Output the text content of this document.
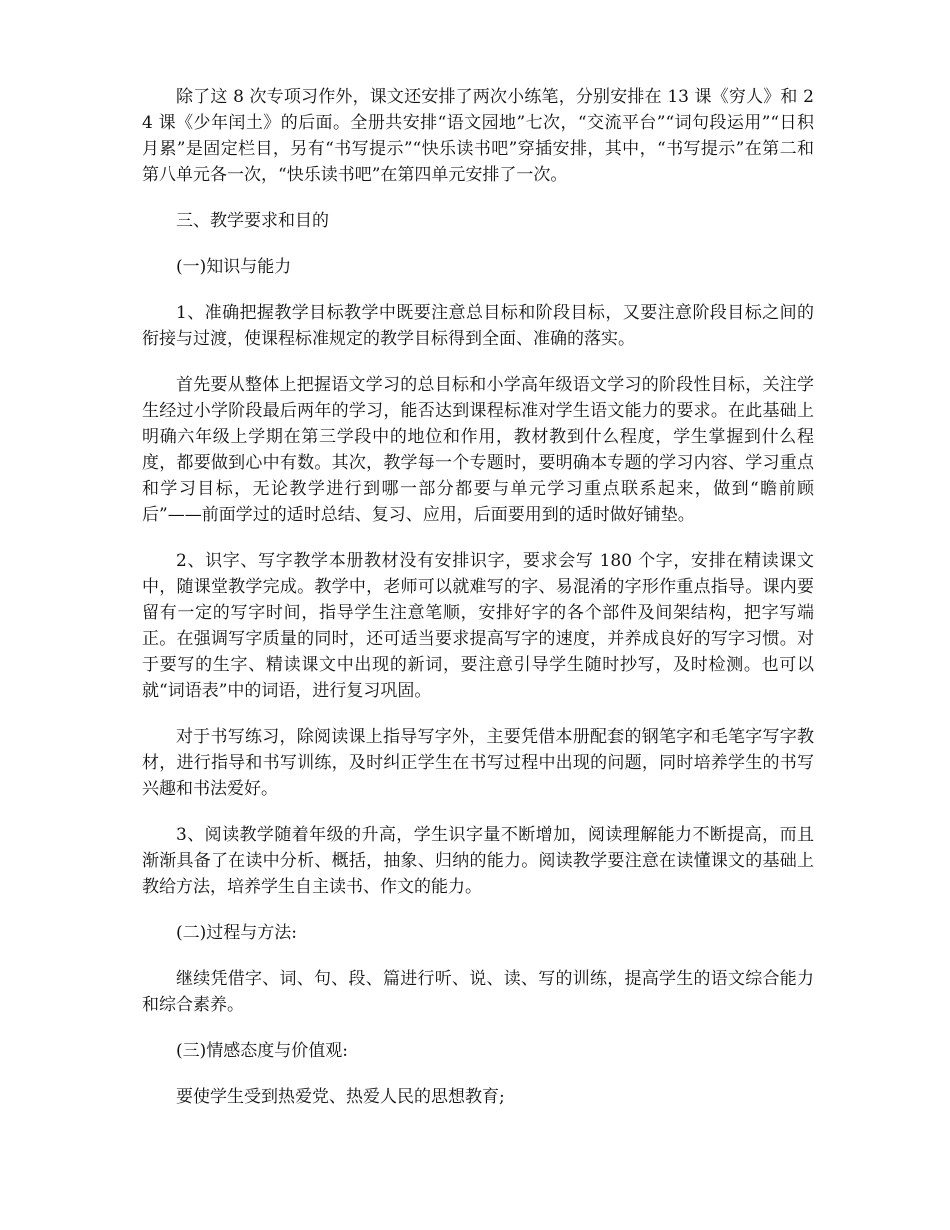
除了这 8 次专项习作外，课文还安排了两次小练笔，分别安排在 13 课《穷人》和 24 课《少年闰土》的后面。全册共安排“语文园地”七次，“交流平台”“词句段运用”“日积月累”是固定栏目，另有“书写提示”“快乐读书吧”穿插安排，其中，“书写提示”在第二和第八单元各一次，“快乐读书吧”在第四单元安排了一次。

三、教学要求和目的

(一)知识与能力

1、准确把握教学目标教学中既要注意总目标和阶段目标，又要注意阶段目标之间的衔接与过渡，使课程标准规定的教学目标得到全面、准确的落实。

首先要从整体上把握语文学习的总目标和小学高年级语文学习的阶段性目标，关注学生经过小学阶段最后两年的学习，能否达到课程标准对学生语文能力的要求。在此基础上明确六年级上学期在第三学段中的地位和作用，教材教到什么程度，学生掌握到什么程度，都要做到心中有数。其次，教学每一个专题时，要明确本专题的学习内容、学习重点和学习目标，无论教学进行到哪一部分都要与单元学习重点联系起来，做到“瞻前顾后”——前面学过的适时总结、复习、应用，后面要用到的适时做好铺垫。

2、识字、写字教学本册教材没有安排识字，要求会写 180 个字，安排在精读课文中，随课堂教学完成。教学中，老师可以就难写的字、易混淆的字形作重点指导。课内要留有一定的写字时间，指导学生注意笔顺，安排好字的各个部件及间架结构，把字写端正。在强调写字质量的同时，还可适当要求提高写字的速度，并养成良好的写字习惯。对于要写的生字、精读课文中出现的新词，要注意引导学生随时抄写，及时检测。也可以就“词语表”中的词语，进行复习巩固。

对于书写练习，除阅读课上指导写字外，主要凭借本册配套的钢笔字和毛笔字写字教材，进行指导和书写训练，及时纠正学生在书写过程中出现的问题，同时培养学生的书写兴趣和书法爱好。

3、阅读教学随着年级的升高，学生识字量不断增加，阅读理解能力不断提高，而且渐渐具备了在读中分析、概括，抽象、归纳的能力。阅读教学要注意在读懂课文的基础上教给方法，培养学生自主读书、作文的能力。

(二)过程与方法:

继续凭借字、词、句、段、篇进行听、说、读、写的训练，提高学生的语文综合能力和综合素养。

(三)情感态度与价值观:

要使学生受到热爱党、热爱人民的思想教育;
